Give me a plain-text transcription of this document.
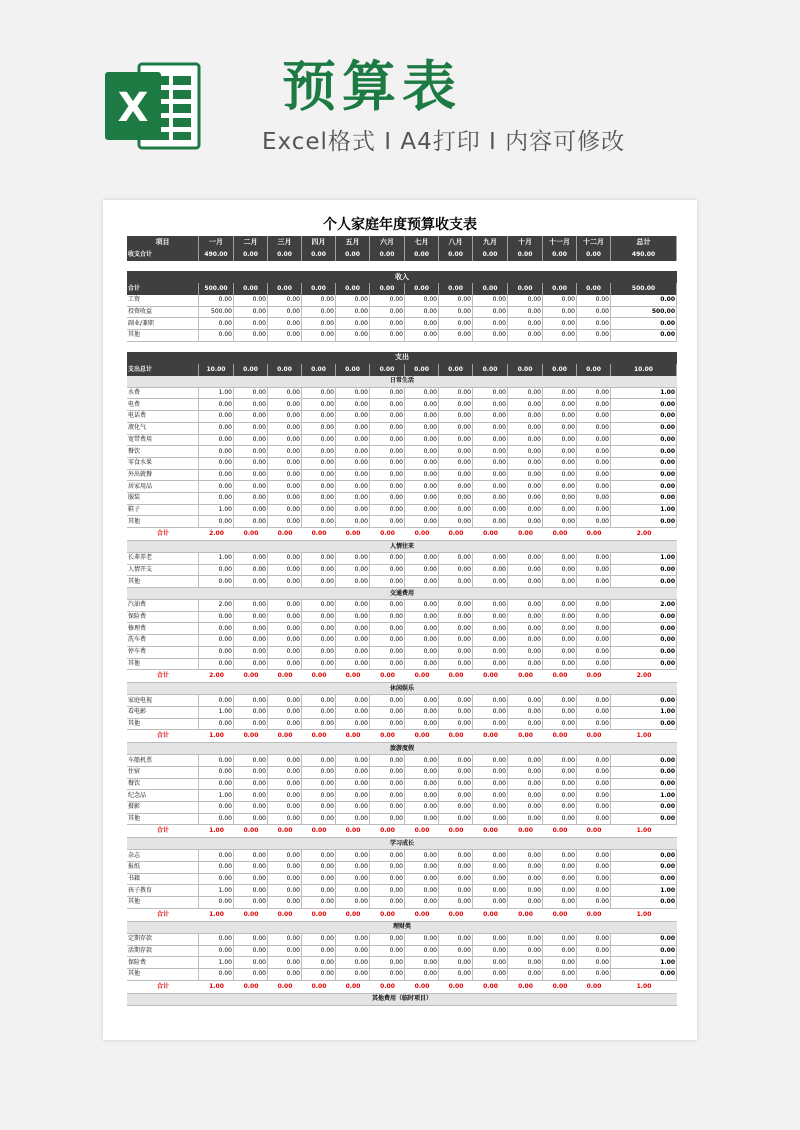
X 预算表
Excel格式 I A4打印 I 内容可修改
个人家庭年度预算收支表
项目	一月	二月	三月	四月	五月	六月	七月	八月	九月	十月	十一月	十二月	总计
收支合计	490.00	0.00	0.00	0.00	0.00	0.00	0.00	0.00	0.00	0.00	0.00	0.00	490.00
收入
合计	500.00	0.00	0.00	0.00	0.00	0.00	0.00	0.00	0.00	0.00	0.00	0.00	500.00
工资	0.00	0.00	0.00	0.00	0.00	0.00	0.00	0.00	0.00	0.00	0.00	0.00	0.00
投资收益	500.00	0.00	0.00	0.00	0.00	0.00	0.00	0.00	0.00	0.00	0.00	0.00	500.00
副业/兼职	0.00	0.00	0.00	0.00	0.00	0.00	0.00	0.00	0.00	0.00	0.00	0.00	0.00
其他	0.00	0.00	0.00	0.00	0.00	0.00	0.00	0.00	0.00	0.00	0.00	0.00	0.00
支出
支出总计	10.00	0.00	0.00	0.00	0.00	0.00	0.00	0.00	0.00	0.00	0.00	0.00	10.00
日常生活
水费	1.00	0.00	0.00	0.00	0.00	0.00	0.00	0.00	0.00	0.00	0.00	0.00	1.00
电费	0.00	0.00	0.00	0.00	0.00	0.00	0.00	0.00	0.00	0.00	0.00	0.00	0.00
电话费	0.00	0.00	0.00	0.00	0.00	0.00	0.00	0.00	0.00	0.00	0.00	0.00	0.00
液化气	0.00	0.00	0.00	0.00	0.00	0.00	0.00	0.00	0.00	0.00	0.00	0.00	0.00
宽带费用	0.00	0.00	0.00	0.00	0.00	0.00	0.00	0.00	0.00	0.00	0.00	0.00	0.00
餐饮	0.00	0.00	0.00	0.00	0.00	0.00	0.00	0.00	0.00	0.00	0.00	0.00	0.00
零食水果	0.00	0.00	0.00	0.00	0.00	0.00	0.00	0.00	0.00	0.00	0.00	0.00	0.00
外出就餐	0.00	0.00	0.00	0.00	0.00	0.00	0.00	0.00	0.00	0.00	0.00	0.00	0.00
居家用品	0.00	0.00	0.00	0.00	0.00	0.00	0.00	0.00	0.00	0.00	0.00	0.00	0.00
服装	0.00	0.00	0.00	0.00	0.00	0.00	0.00	0.00	0.00	0.00	0.00	0.00	0.00
鞋子	1.00	0.00	0.00	0.00	0.00	0.00	0.00	0.00	0.00	0.00	0.00	0.00	1.00
其他	0.00	0.00	0.00	0.00	0.00	0.00	0.00	0.00	0.00	0.00	0.00	0.00	0.00
合计	2.00	0.00	0.00	0.00	0.00	0.00	0.00	0.00	0.00	0.00	0.00	0.00	2.00
人情往来
长辈养老	1.00	0.00	0.00	0.00	0.00	0.00	0.00	0.00	0.00	0.00	0.00	0.00	1.00
人情开支	0.00	0.00	0.00	0.00	0.00	0.00	0.00	0.00	0.00	0.00	0.00	0.00	0.00
其他	0.00	0.00	0.00	0.00	0.00	0.00	0.00	0.00	0.00	0.00	0.00	0.00	0.00
交通费用
汽油费	2.00	0.00	0.00	0.00	0.00	0.00	0.00	0.00	0.00	0.00	0.00	0.00	2.00
保险费	0.00	0.00	0.00	0.00	0.00	0.00	0.00	0.00	0.00	0.00	0.00	0.00	0.00
修理费	0.00	0.00	0.00	0.00	0.00	0.00	0.00	0.00	0.00	0.00	0.00	0.00	0.00
洗车费	0.00	0.00	0.00	0.00	0.00	0.00	0.00	0.00	0.00	0.00	0.00	0.00	0.00
停车费	0.00	0.00	0.00	0.00	0.00	0.00	0.00	0.00	0.00	0.00	0.00	0.00	0.00
其他	0.00	0.00	0.00	0.00	0.00	0.00	0.00	0.00	0.00	0.00	0.00	0.00	0.00
合计	2.00	0.00	0.00	0.00	0.00	0.00	0.00	0.00	0.00	0.00	0.00	0.00	2.00
休闲娱乐
家庭电视	0.00	0.00	0.00	0.00	0.00	0.00	0.00	0.00	0.00	0.00	0.00	0.00	0.00
看电影	1.00	0.00	0.00	0.00	0.00	0.00	0.00	0.00	0.00	0.00	0.00	0.00	1.00
其他	0.00	0.00	0.00	0.00	0.00	0.00	0.00	0.00	0.00	0.00	0.00	0.00	0.00
合计	1.00	0.00	0.00	0.00	0.00	0.00	0.00	0.00	0.00	0.00	0.00	0.00	1.00
旅游度假
车船机票	0.00	0.00	0.00	0.00	0.00	0.00	0.00	0.00	0.00	0.00	0.00	0.00	0.00
住宿	0.00	0.00	0.00	0.00	0.00	0.00	0.00	0.00	0.00	0.00	0.00	0.00	0.00
餐饮	0.00	0.00	0.00	0.00	0.00	0.00	0.00	0.00	0.00	0.00	0.00	0.00	0.00
纪念品	1.00	0.00	0.00	0.00	0.00	0.00	0.00	0.00	0.00	0.00	0.00	0.00	1.00
摄影	0.00	0.00	0.00	0.00	0.00	0.00	0.00	0.00	0.00	0.00	0.00	0.00	0.00
其他	0.00	0.00	0.00	0.00	0.00	0.00	0.00	0.00	0.00	0.00	0.00	0.00	0.00
合计	1.00	0.00	0.00	0.00	0.00	0.00	0.00	0.00	0.00	0.00	0.00	0.00	1.00
学习成长
杂志	0.00	0.00	0.00	0.00	0.00	0.00	0.00	0.00	0.00	0.00	0.00	0.00	0.00
报纸	0.00	0.00	0.00	0.00	0.00	0.00	0.00	0.00	0.00	0.00	0.00	0.00	0.00
书籍	0.00	0.00	0.00	0.00	0.00	0.00	0.00	0.00	0.00	0.00	0.00	0.00	0.00
孩子教育	1.00	0.00	0.00	0.00	0.00	0.00	0.00	0.00	0.00	0.00	0.00	0.00	1.00
其他	0.00	0.00	0.00	0.00	0.00	0.00	0.00	0.00	0.00	0.00	0.00	0.00	0.00
合计	1.00	0.00	0.00	0.00	0.00	0.00	0.00	0.00	0.00	0.00	0.00	0.00	1.00
理财类
定期存款	0.00	0.00	0.00	0.00	0.00	0.00	0.00	0.00	0.00	0.00	0.00	0.00	0.00
活期存款	0.00	0.00	0.00	0.00	0.00	0.00	0.00	0.00	0.00	0.00	0.00	0.00	0.00
保险费	1.00	0.00	0.00	0.00	0.00	0.00	0.00	0.00	0.00	0.00	0.00	0.00	1.00
其他	0.00	0.00	0.00	0.00	0.00	0.00	0.00	0.00	0.00	0.00	0.00	0.00	0.00
合计	1.00	0.00	0.00	0.00	0.00	0.00	0.00	0.00	0.00	0.00	0.00	0.00	1.00
其他费用（临时项目）
